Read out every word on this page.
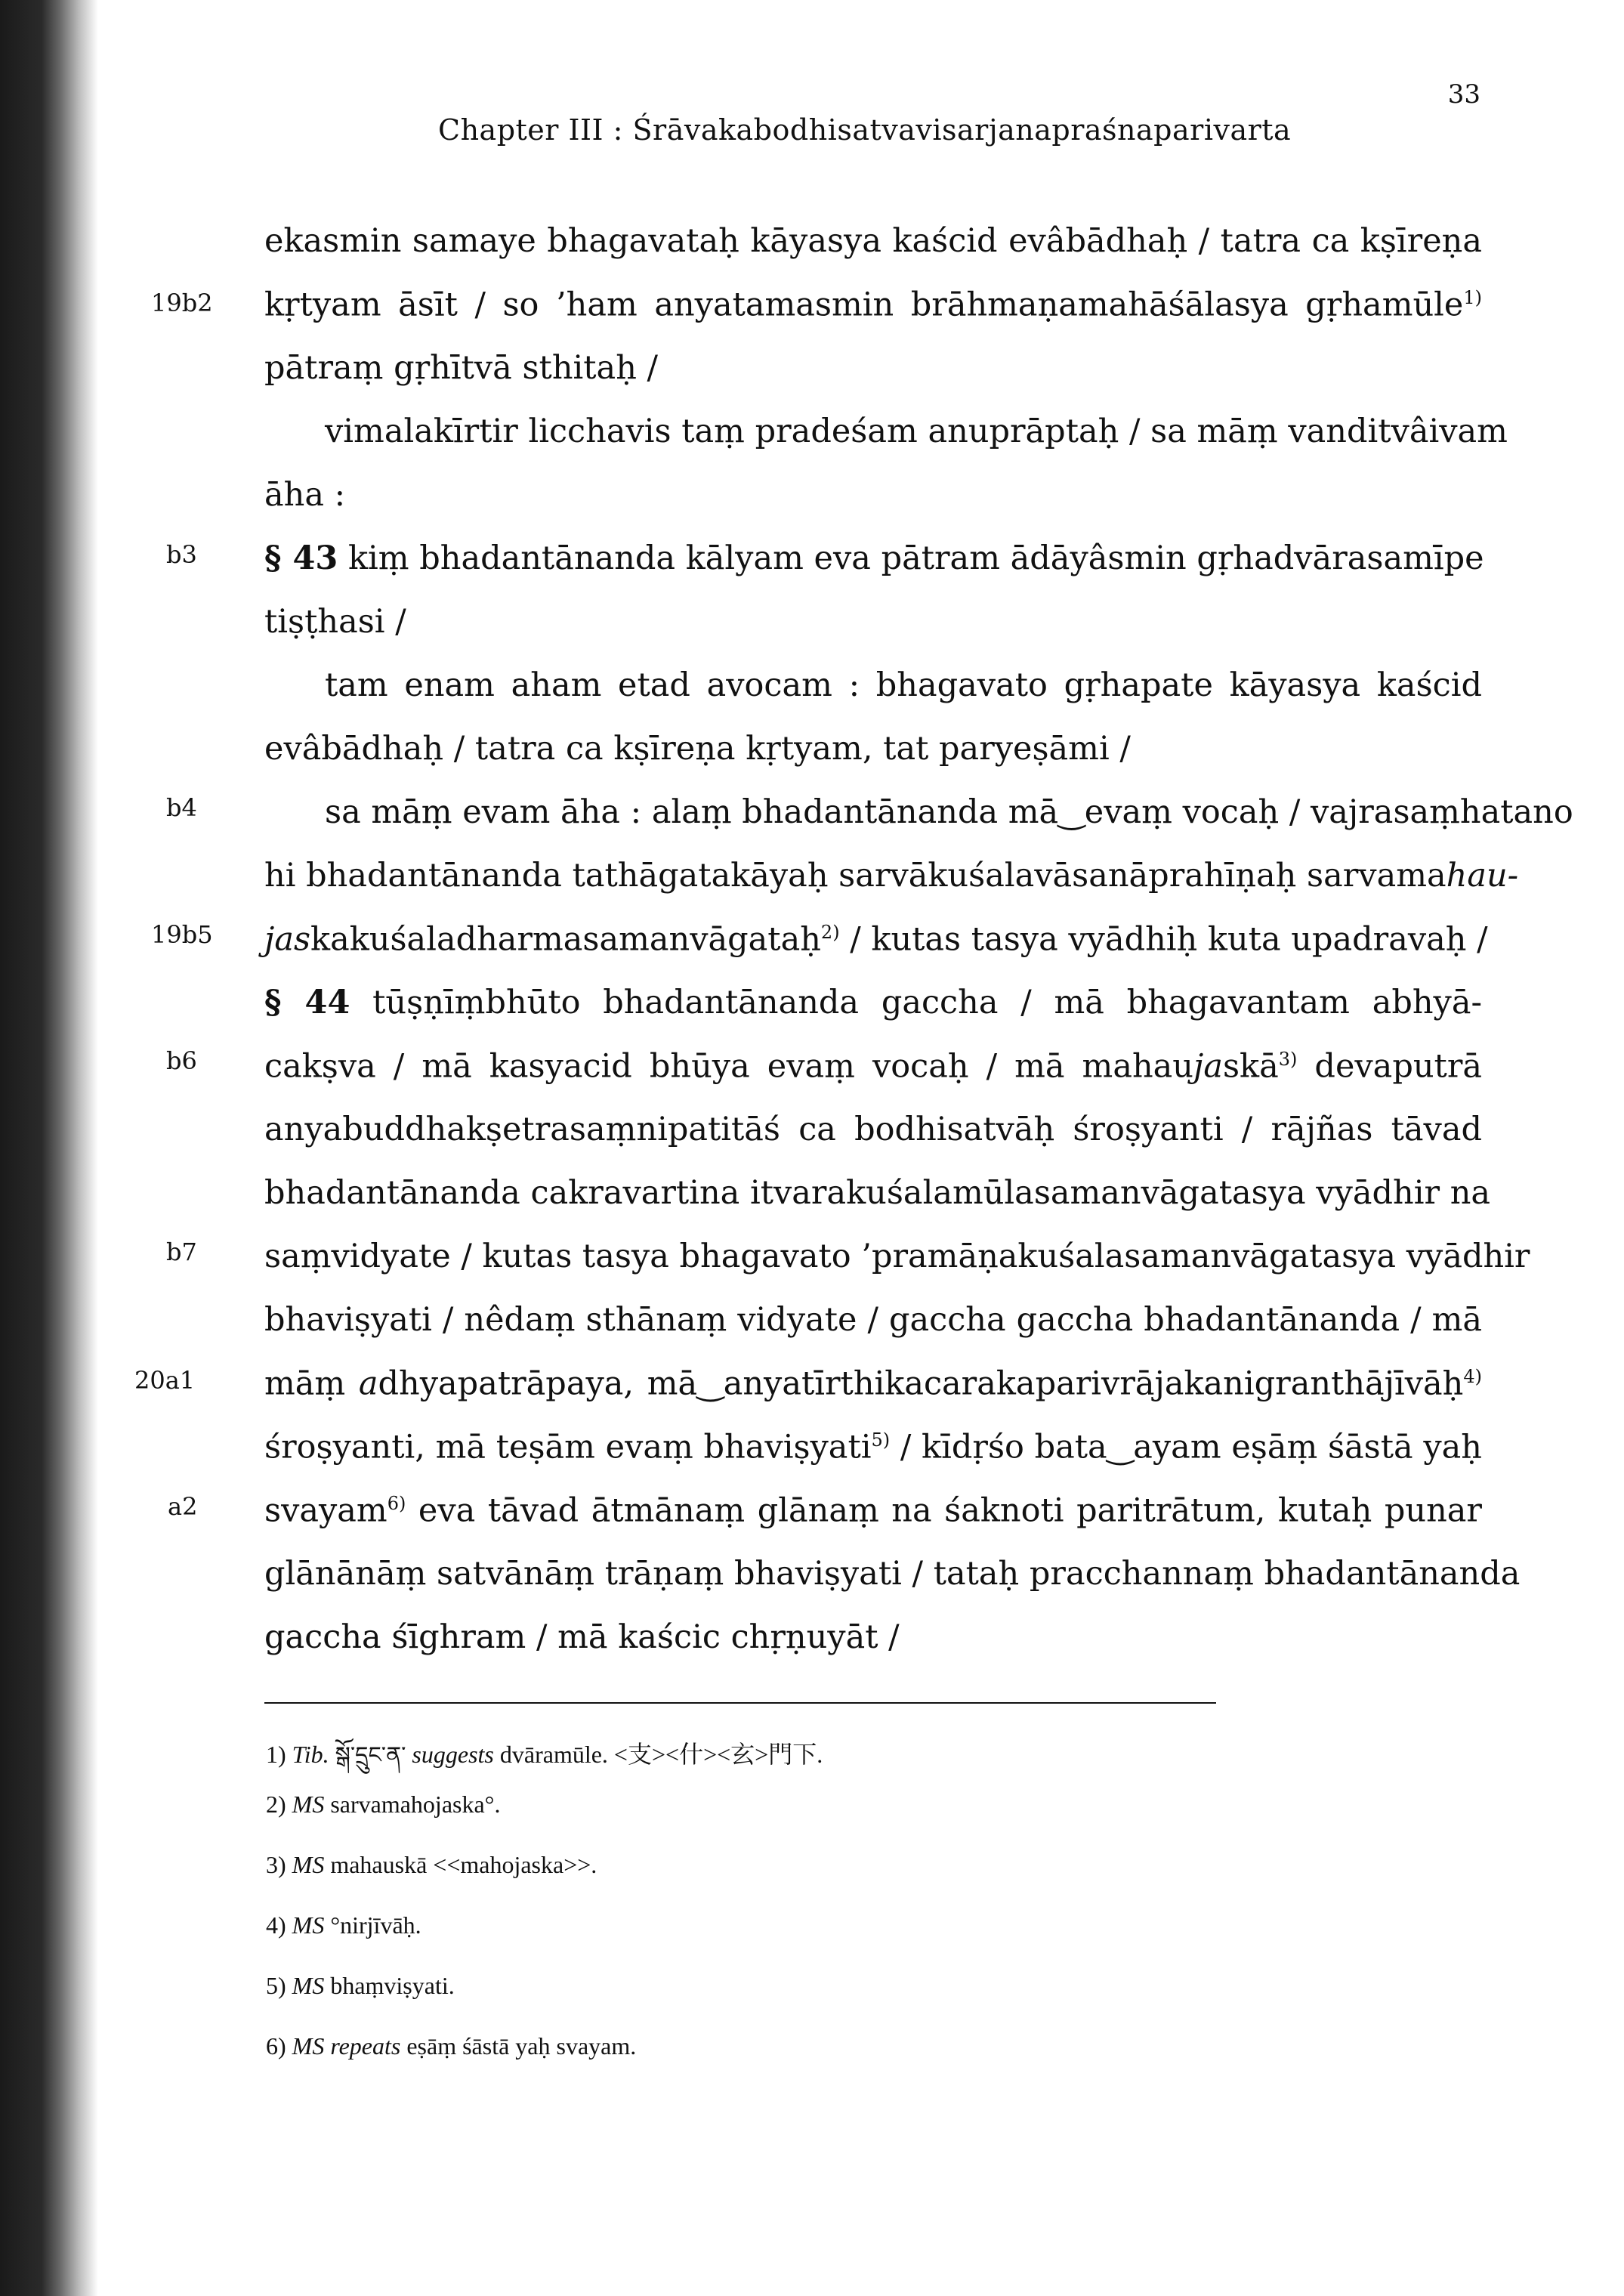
33
Chapter III : Śrāvakabodhisatvavisarjanapraśnaparivarta
19b2
b3
b4
19b5
b6
b7
20a1
a2
ekasmin samaye bhagavataḥ kāyasya kaścid evâbādhaḥ / tatra ca kṣīreṇa
kṛtyam āsīt / so ’ham anyatamasmin brāhmaṇamahāśālasya gṛhamūle$^{1)}$
pātraṃ gṛhītvā sthitaḥ /
vimalakīrtir licchavis taṃ pradeśam anuprāptaḥ / sa māṃ vanditvâivam
āha :
§ 43 kiṃ bhadantānanda kālyam eva pātram ādāyâsmin gṛhadvārasamīpe
tiṣṭhasi /
tam enam aham etad avocam : bhagavato gṛhapate kāyasya kaścid
evâbādhaḥ / tatra ca kṣīreṇa kṛtyam, tat paryeṣāmi /
sa māṃ evam āha : alaṃ bhadantānanda mā‿evaṃ vocaḥ / vajrasaṃhatano
hi bhadantānanda tathāgatakāyaḥ sarvākuśalavāsanāprahīṇaḥ sarvamahau-
jaskakuśaladharmasamanvāgataḥ$^{2)}$ / kutas tasya vyādhiḥ kuta upadravaḥ /
§ 44 tūṣṇīṃbhūto bhadantānanda gaccha / mā bhagavantam abhyā-
cakṣva / mā kasyacid bhūya evaṃ vocaḥ / mā mahaujaskā$^{3)}$ devaputrā
anyabuddhakṣetrasaṃnipatitāś ca bodhisatvāḥ śroṣyanti / rājñas tāvad
bhadantānanda cakravartina itvarakuśalamūlasamanvāgatasya vyādhir na
saṃvidyate / kutas tasya bhagavato ’pramāṇakuśalasamanvāgatasya vyādhir
bhaviṣyati / nêdaṃ sthānaṃ vidyate / gaccha gaccha bhadantānanda / mā
māṃ adhyapatrāpaya, mā‿anyatīrthikacarakaparivrājakanigranthājīvāḥ$^{4)}$
śroṣyanti, mā teṣām evaṃ bhaviṣyati$^{5)}$ / kīdṛśo bata‿ayam eṣāṃ śāstā yaḥ
svayam$^{6)}$ eva tāvad ātmānaṃ glānaṃ na śaknoti paritrātum, kutaḥ punar
glānānāṃ satvānāṃ trāṇaṃ bhaviṣyati / tataḥ pracchannaṃ bhadantānanda
gaccha śīghram / mā kaścic chṛṇuyāt /
1) Tib. སྒོ་དྲུང་ན་ suggests dvāramūle. <支><什><玄>門下.
2) MS sarvamahojaska°.
3) MS mahauskā <<mahojaska>>.
4) MS °nirjīvāḥ.
5) MS bhaṃviṣyati.
6) MS repeats eṣāṃ śāstā yaḥ svayam.
